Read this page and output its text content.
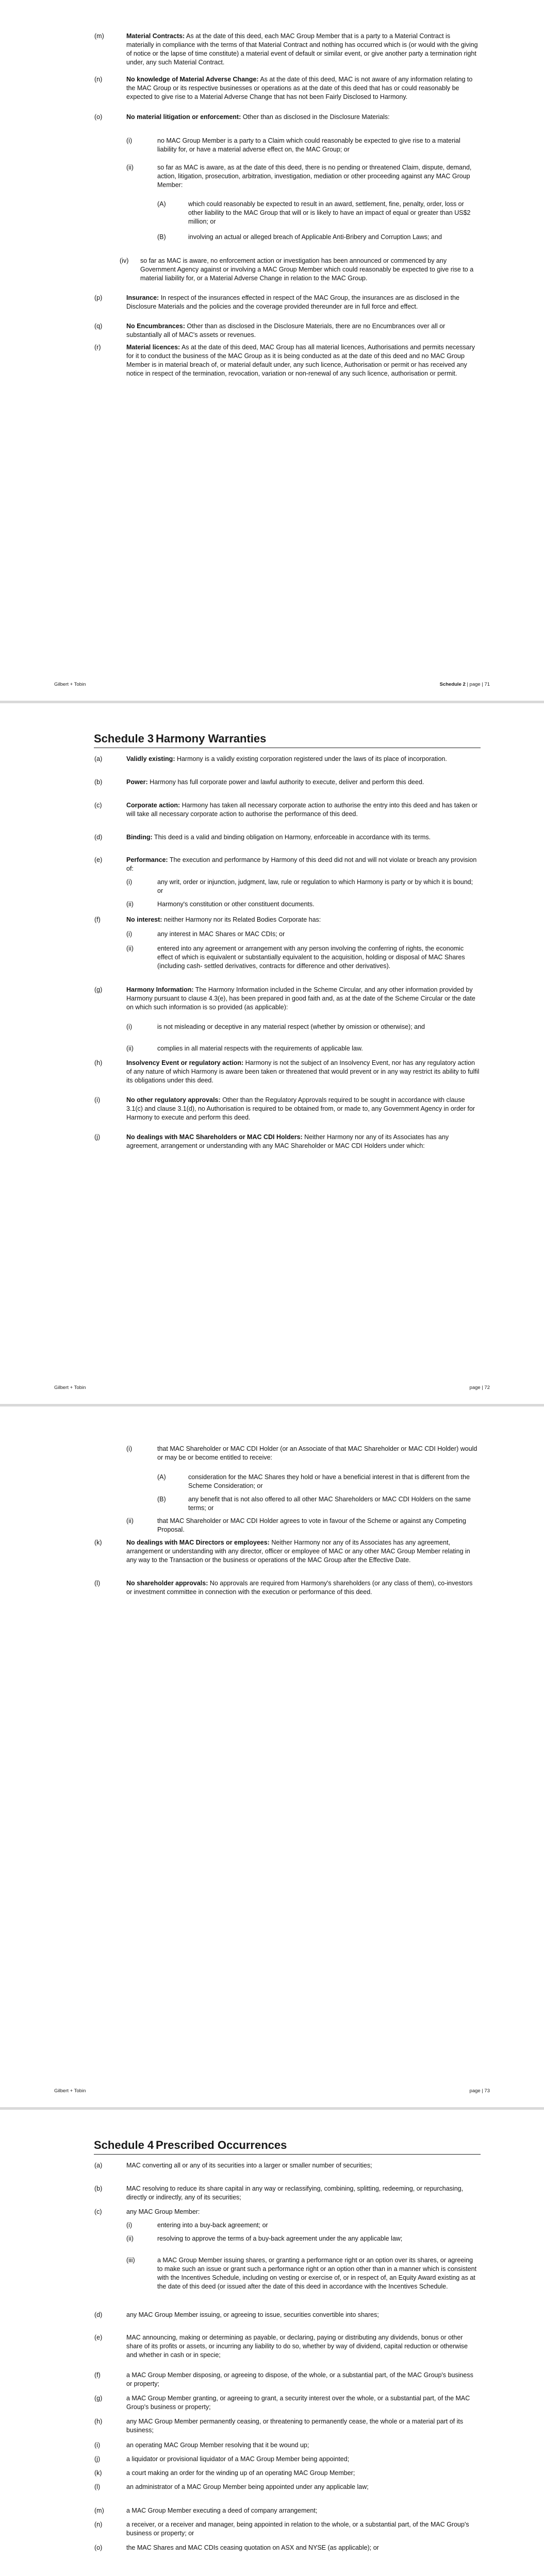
(m)	Material Contracts: As at the date of this deed, each MAC Group Member that is a party to a Material Contract is materially in compliance with the terms of that Material Contract and nothing has occurred which is (or would with the giving of notice or the lapse of time constitute) a material event of default or similar event, or give another party a termination right under, any such Material Contract.
(n)	No knowledge of Material Adverse Change: As at the date of this deed, MAC is not aware of any information relating to the MAC Group or its respective businesses or operations as at the date of this deed that has or could reasonably be expected to give rise to a Material Adverse Change that has not been Fairly Disclosed to Harmony.
(o)	No material litigation or enforcement: Other than as disclosed in the Disclosure Materials:
(i)	no MAC Group Member is a party to a Claim which could reasonably be expected to give rise to a material liability for, or have a material adverse effect on, the MAC Group; or
(ii)	so far as MAC is aware, as at the date of this deed, there is no pending or threatened Claim, dispute, demand, action, litigation, prosecution, arbitration, investigation, mediation or other proceeding against any MAC Group Member:
(A)	which could reasonably be expected to result in an award, settlement, fine, penalty, order, loss or other liability to the MAC Group that will or is likely to have an impact of equal or greater than US$2 million; or
(B)	involving an actual or alleged breach of Applicable Anti-Bribery and Corruption Laws; and
(iv) so far as MAC is aware, no enforcement action or investigation has been announced or commenced by any Government Agency against or involving a MAC Group Member which could reasonably be expected to give rise to a material liability for, or a Material Adverse Change in relation to the MAC Group.
(p)	Insurance: In respect of the insurances effected in respect of the MAC Group, the insurances are as disclosed in the Disclosure Materials and the policies and the coverage provided thereunder are in full force and effect.
(q)	No Encumbrances: Other than as disclosed in the Disclosure Materials, there are no Encumbrances over all or substantially all of MAC's assets or revenues.
(r)	Material licences: As at the date of this deed, MAC Group has all material licences, Authorisations and permits necessary for it to conduct the business of the MAC Group as it is being conducted as at the date of this deed and no MAC Group Member is in material breach of, or material default under, any such licence, Authorisation or permit or has received any notice in respect of the termination, revocation, variation or non-renewal of any such licence, authorisation or permit.
Gilbert + Tobin	Schedule 2 | page | 71
Schedule 3 Harmony Warranties
(a)	Validly existing: Harmony is a validly existing corporation registered under the laws of its place of incorporation.
(b)	Power: Harmony has full corporate power and lawful authority to execute, deliver and perform this deed.
(c)	Corporate action: Harmony has taken all necessary corporate action to authorise the entry into this deed and has taken or will take all necessary corporate action to authorise the performance of this deed.
(d)	Binding: This deed is a valid and binding obligation on Harmony, enforceable in accordance with its terms.
(e)	Performance: The execution and performance by Harmony of this deed did not and will not violate or breach any provision of:
(i)	any writ, order or injunction, judgment, law, rule or regulation to which Harmony is party or by which it is bound; or
(ii)	Harmony's constitution or other constituent documents.
(f)	No interest: neither Harmony nor its Related Bodies Corporate has:
(i)	any interest in MAC Shares or MAC CDIs; or
(ii)	entered into any agreement or arrangement with any person involving the conferring of rights, the economic effect of which is equivalent or substantially equivalent to the acquisition, holding or disposal of MAC Shares (including cash- settled derivatives, contracts for difference and other derivatives).
(g)	Harmony Information: The Harmony Information included in the Scheme Circular, and any other information provided by Harmony pursuant to clause 4.3(e), has been prepared in good faith and, as at the date of the Scheme Circular or the date on which such information is so provided (as applicable):
(i)	is not misleading or deceptive in any material respect (whether by omission or otherwise); and
(ii)	complies in all material respects with the requirements of applicable law.
(h)	Insolvency Event or regulatory action: Harmony is not the subject of an Insolvency Event, nor has any regulatory action of any nature of which Harmony is aware been taken or threatened that would prevent or in any way restrict its ability to fulfil its obligations under this deed.
(i)	No other regulatory approvals: Other than the Regulatory Approvals required to be sought in accordance with clause 3.1(c) and clause 3.1(d), no Authorisation is required to be obtained from, or made to, any Government Agency in order for Harmony to execute and perform this deed.
(j)	No dealings with MAC Shareholders or MAC CDI Holders: Neither Harmony nor any of its Associates has any agreement, arrangement or understanding with any MAC Shareholder or MAC CDI Holders under which:
Gilbert + Tobin	page | 72
(i)	that MAC Shareholder or MAC CDI Holder (or an Associate of that MAC Shareholder or MAC CDI Holder) would or may be or become entitled to receive:
(A)	consideration for the MAC Shares they hold or have a beneficial interest in that is different from the Scheme Consideration; or
(B)	any benefit that is not also offered to all other MAC Shareholders or MAC CDI Holders on the same terms; or
(ii)	that MAC Shareholder or MAC CDI Holder agrees to vote in favour of the Scheme or against any Competing Proposal.
(k)	No dealings with MAC Directors or employees: Neither Harmony nor any of its Associates has any agreement, arrangement or understanding with any director, officer or employee of MAC or any other MAC Group Member relating in any way to the Transaction or the business or operations of the MAC Group after the Effective Date.
(l)	No shareholder approvals: No approvals are required from Harmony's shareholders (or any class of them), co-investors or investment committee in connection with the execution or performance of this deed.
Gilbert + Tobin	page | 73
Schedule 4 Prescribed Occurrences
(a)	MAC converting all or any of its securities into a larger or smaller number of securities;
(b)	MAC resolving to reduce its share capital in any way or reclassifying, combining, splitting, redeeming, or repurchasing, directly or indirectly, any of its securities;
(c)	any MAC Group Member:
(i)	entering into a buy-back agreement; or
(ii)	resolving to approve the terms of a buy-back agreement under the any applicable law;
(iii)	a MAC Group Member issuing shares, or granting a performance right or an option over its shares, or agreeing to make such an issue or grant such a performance right or an option other than in a manner which is consistent with the Incentives Schedule, including on vesting or exercise of, or in respect of, an Equity Award existing as at the date of this deed (or issued after the date of this deed in accordance with the Incentives Schedule.
(d)	any MAC Group Member issuing, or agreeing to issue, securities convertible into shares;
(e)	MAC announcing, making or determining as payable, or declaring, paying or distributing any dividends, bonus or other share of its profits or assets, or incurring any liability to do so, whether by way of dividend, capital reduction or otherwise and whether in cash or in specie;
(f)	a MAC Group Member disposing, or agreeing to dispose, of the whole, or a substantial part, of the MAC Group's business or property;
(g)	a MAC Group Member granting, or agreeing to grant, a security interest over the whole, or a substantial part, of the MAC Group's business or property;
(h)	any MAC Group Member permanently ceasing, or threatening to permanently cease, the whole or a material part of its business;
(i)	an operating MAC Group Member resolving that it be wound up;
(j)	a liquidator or provisional liquidator of a MAC Group Member being appointed;
(k)	a court making an order for the winding up of an operating MAC Group Member;
(l)	an administrator of a MAC Group Member being appointed under any applicable law;
(m)	a MAC Group Member executing a deed of company arrangement;
(n)	a receiver, or a receiver and manager, being appointed in relation to the whole, or a substantial part, of the MAC Group's business or property; or
(o)	the MAC Shares and MAC CDIs ceasing quotation on ASX and NYSE (as applicable); or
